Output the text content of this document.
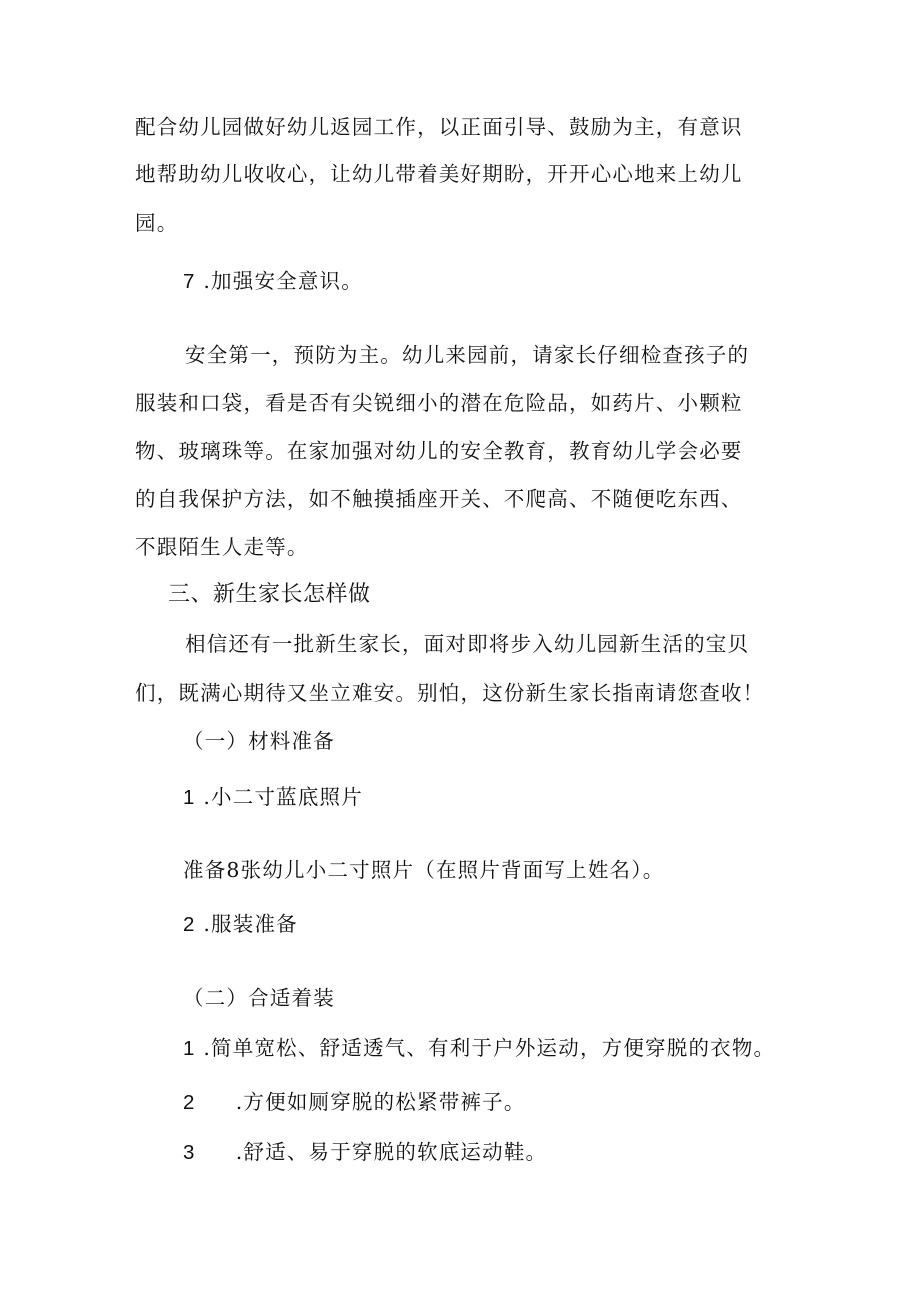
配合幼儿园做好幼儿返园工作，以正面引导、鼓励为主，有意识
地帮助幼儿收收心，让幼儿带着美好期盼，开开心心地来上幼儿
园。
7 .加强安全意识。
安全第一，预防为主。幼儿来园前，请家长仔细检查孩子的
服装和口袋，看是否有尖锐细小的潜在危险品，如药片、小颗粒
物、玻璃珠等。在家加强对幼儿的安全教育，教育幼儿学会必要
的自我保护方法，如不触摸插座开关、不爬高、不随便吃东西、
不跟陌生人走等。
三、新生家长怎样做
相信还有一批新生家长，面对即将步入幼儿园新生活的宝贝
们，既满心期待又坐立难安。别怕，这份新生家长指南请您查收！
（一）材料准备
1 .小二寸蓝底照片
准备8张幼儿小二寸照片（在照片背面写上姓名）。
2 .服装准备
（二）合适着装
1 .简单宽松、舒适透气、有利于户外运动，方便穿脱的衣物。
2 .方便如厕穿脱的松紧带裤子。
3 .舒适、易于穿脱的软底运动鞋。
